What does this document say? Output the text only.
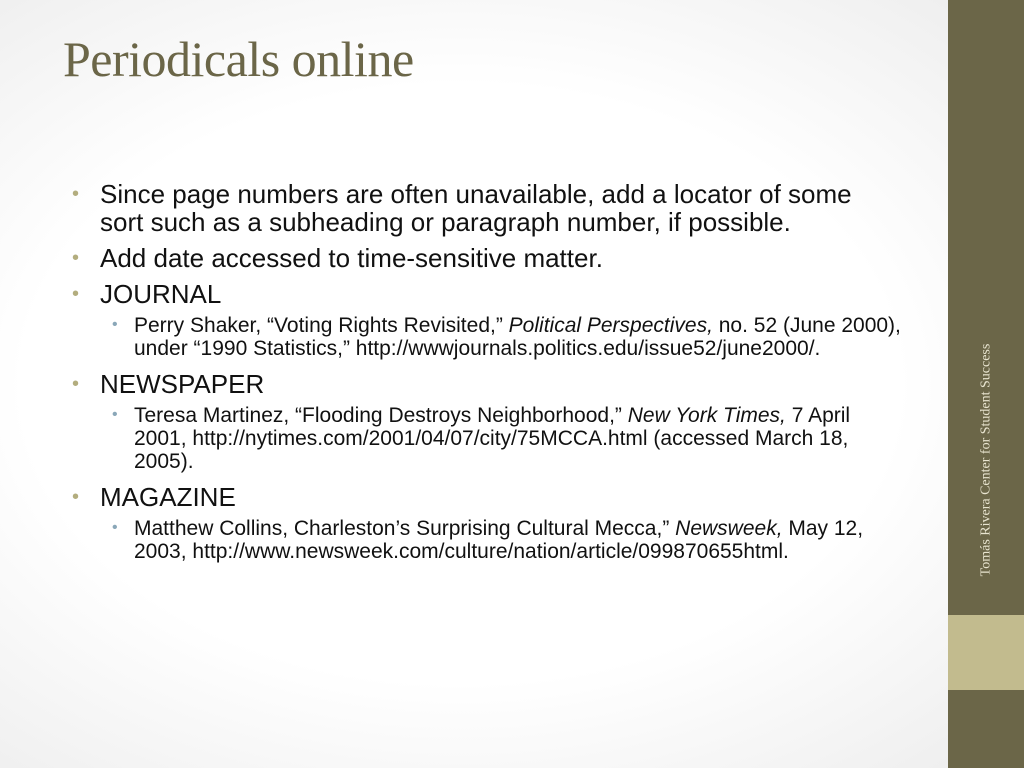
Periodicals online
• Since page numbers are often unavailable, add a locator of some sort such as a subheading or paragraph number, if possible.
• Add date accessed to time-sensitive matter.
• JOURNAL
• Perry Shaker, “Voting Rights Revisited,” Political Perspectives, no. 52 (June 2000), under “1990 Statistics,” http://wwwjournals.politics.edu/issue52/june2000/.
• NEWSPAPER
• Teresa Martinez, “Flooding Destroys Neighborhood,” New York Times, 7 April 2001, http://nytimes.com/2001/04/07/city/75MCCA.html (accessed March 18, 2005).
• MAGAZINE
• Matthew Collins, Charleston’s Surprising Cultural Mecca,” Newsweek, May 12, 2003, http://www.newsweek.com/culture/nation/article/099870655html.	Tomás Rivera Center for Student Success
